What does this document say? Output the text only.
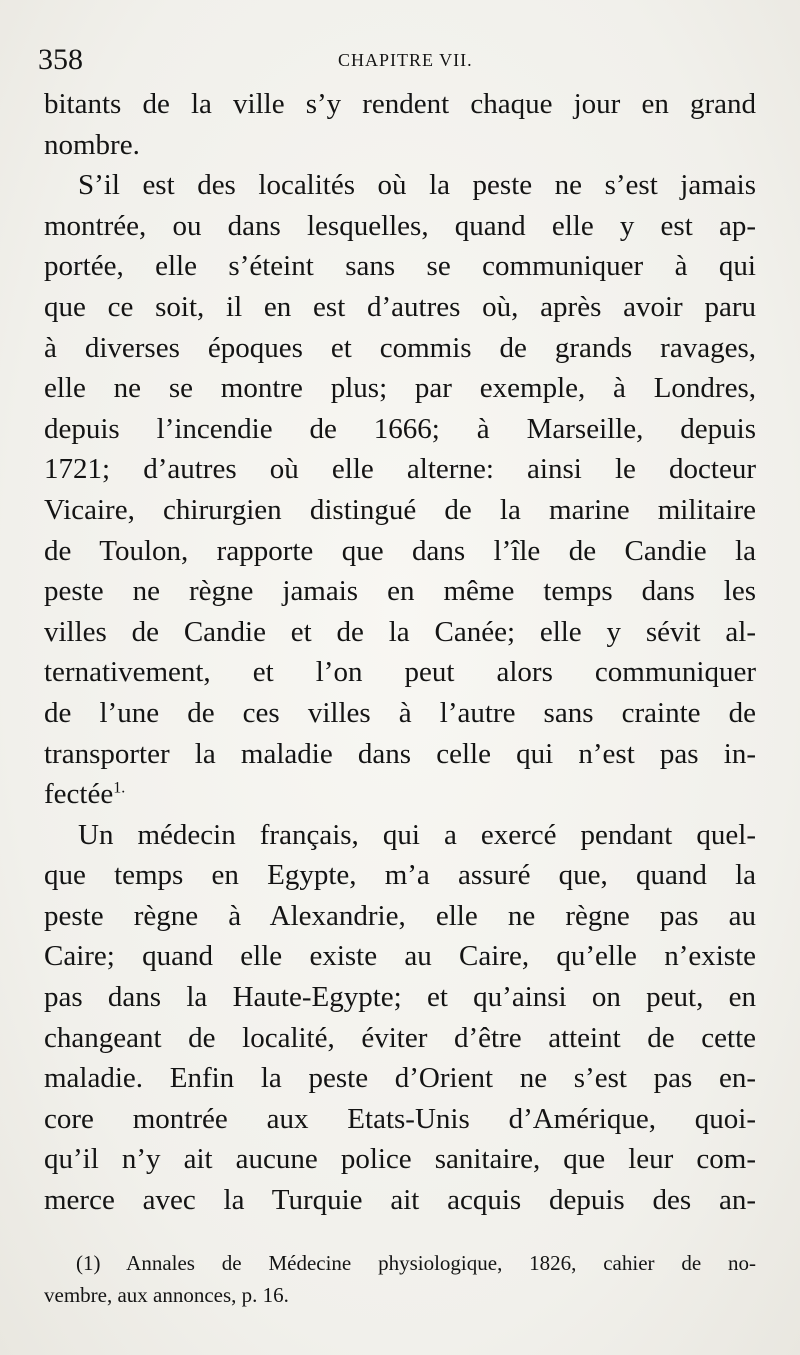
358	CHAPITRE VII.
bitants de la ville s’y rendent chaque jour en grand
nombre.
S’il est des localités où la peste ne s’est jamais
montrée, ou dans lesquelles, quand elle y est ap-
portée, elle s’éteint sans se communiquer à qui
que ce soit, il en est d’autres où, après avoir paru
à diverses époques et commis de grands ravages,
elle ne se montre plus; par exemple, à Londres,
depuis l’incendie de 1666; à Marseille, depuis
1721; d’autres où elle alterne: ainsi le docteur
Vicaire, chirurgien distingué de la marine militaire
de Toulon, rapporte que dans l’île de Candie la
peste ne règne jamais en même temps dans les
villes de Candie et de la Canée; elle y sévit al-
ternativement, et l’on peut alors communiquer
de l’une de ces villes à l’autre sans crainte de
transporter la maladie dans celle qui n’est pas in-
fectée$^{1.}$
Un médecin français, qui a exercé pendant quel-
que temps en Egypte, m’a assuré que, quand la
peste règne à Alexandrie, elle ne règne pas au
Caire; quand elle existe au Caire, qu’elle n’existe
pas dans la Haute-Egypte; et qu’ainsi on peut, en
changeant de localité, éviter d’être atteint de cette
maladie. Enfin la peste d’Orient ne s’est pas en-
core montrée aux Etats-Unis d’Amérique, quoi-
qu’il n’y ait aucune police sanitaire, que leur com-
merce avec la Turquie ait acquis depuis des an-
(1) Annales de Médecine physiologique, 1826, cahier de no-
vembre, aux annonces, p. 16.
